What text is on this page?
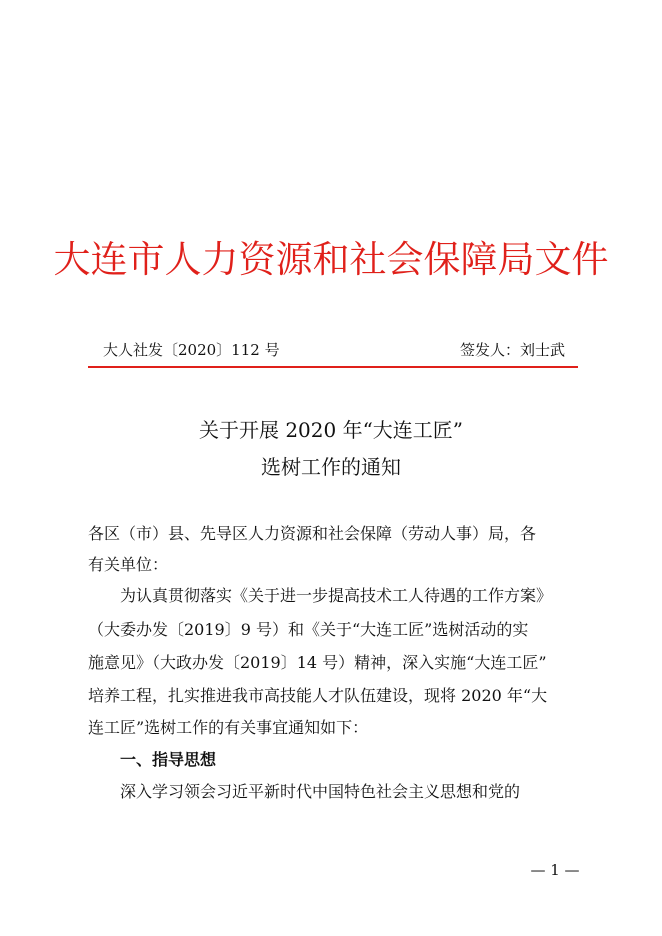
大连市人力资源和社会保障局文件
大人社发〔2020〕112 号	签发人：刘士武
关于开展 2020 年“大连工匠”
选树工作的通知
各区（市）县、先导区人力资源和社会保障（劳动人事）局，各
有关单位：
　　为认真贯彻落实《关于进一步提高技术工人待遇的工作方案》
（大委办发〔2019〕9 号）和《关于“大连工匠”选树活动的实
施意见》（大政办发〔2019〕14 号）精神，深入实施“大连工匠”
培养工程，扎实推进我市高技能人才队伍建设，现将 2020 年“大
连工匠”选树工作的有关事宜通知如下：
一、指导思想
　　深入学习领会习近平新时代中国特色社会主义思想和党的
— 1 —
